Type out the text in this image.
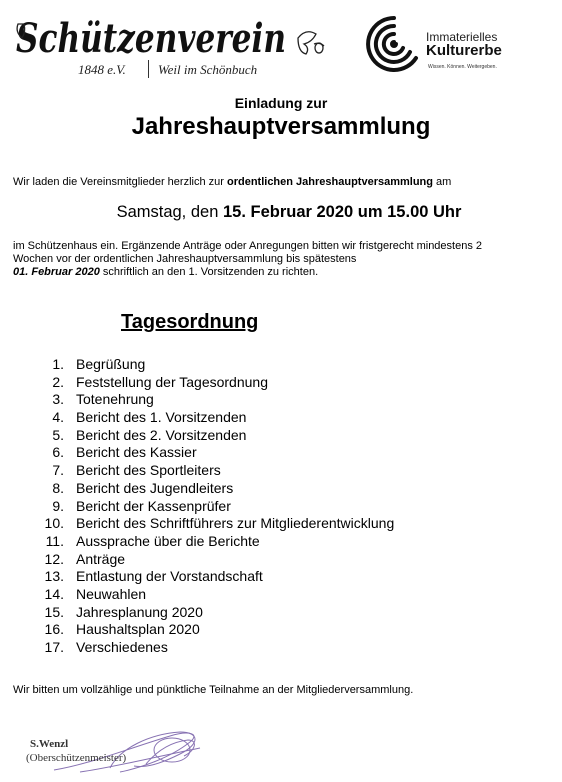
Schützenverein
1848 e.V. Weil im Schönbuch
Immaterielles
Kulturerbe
Wissen. Können. Weitergeben.
Einladung zur
Jahreshauptversammlung
Wir laden die Vereinsmitglieder herzlich zur ordentlichen Jahreshauptversammlung am
Samstag, den 15. Februar 2020 um 15.00 Uhr
im Schützenhaus ein. Ergänzende Anträge oder Anregungen bitten wir fristgerecht mindestens 2
Wochen vor der ordentlichen Jahreshauptversammlung bis spätestens
01. Februar 2020 schriftlich an den 1. Vorsitzenden zu richten.
Tagesordnung
1. Begrüßung
2. Feststellung der Tagesordnung
3. Totenehrung
4. Bericht des 1. Vorsitzenden
5. Bericht des 2. Vorsitzenden
6. Bericht des Kassier
7. Bericht des Sportleiters
8. Bericht des Jugendleiters
9. Bericht der Kassenprüfer
10. Bericht des Schriftführers zur Mitgliederentwicklung
11. Aussprache über die Berichte
12. Anträge
13. Entlastung der Vorstandschaft
14. Neuwahlen
15. Jahresplanung 2020
16. Haushaltsplan 2020
17. Verschiedenes
Wir bitten um vollzählige und pünktliche Teilnahme an der Mitgliederversammlung.
S.Wenzl
(Oberschützenmeister)
